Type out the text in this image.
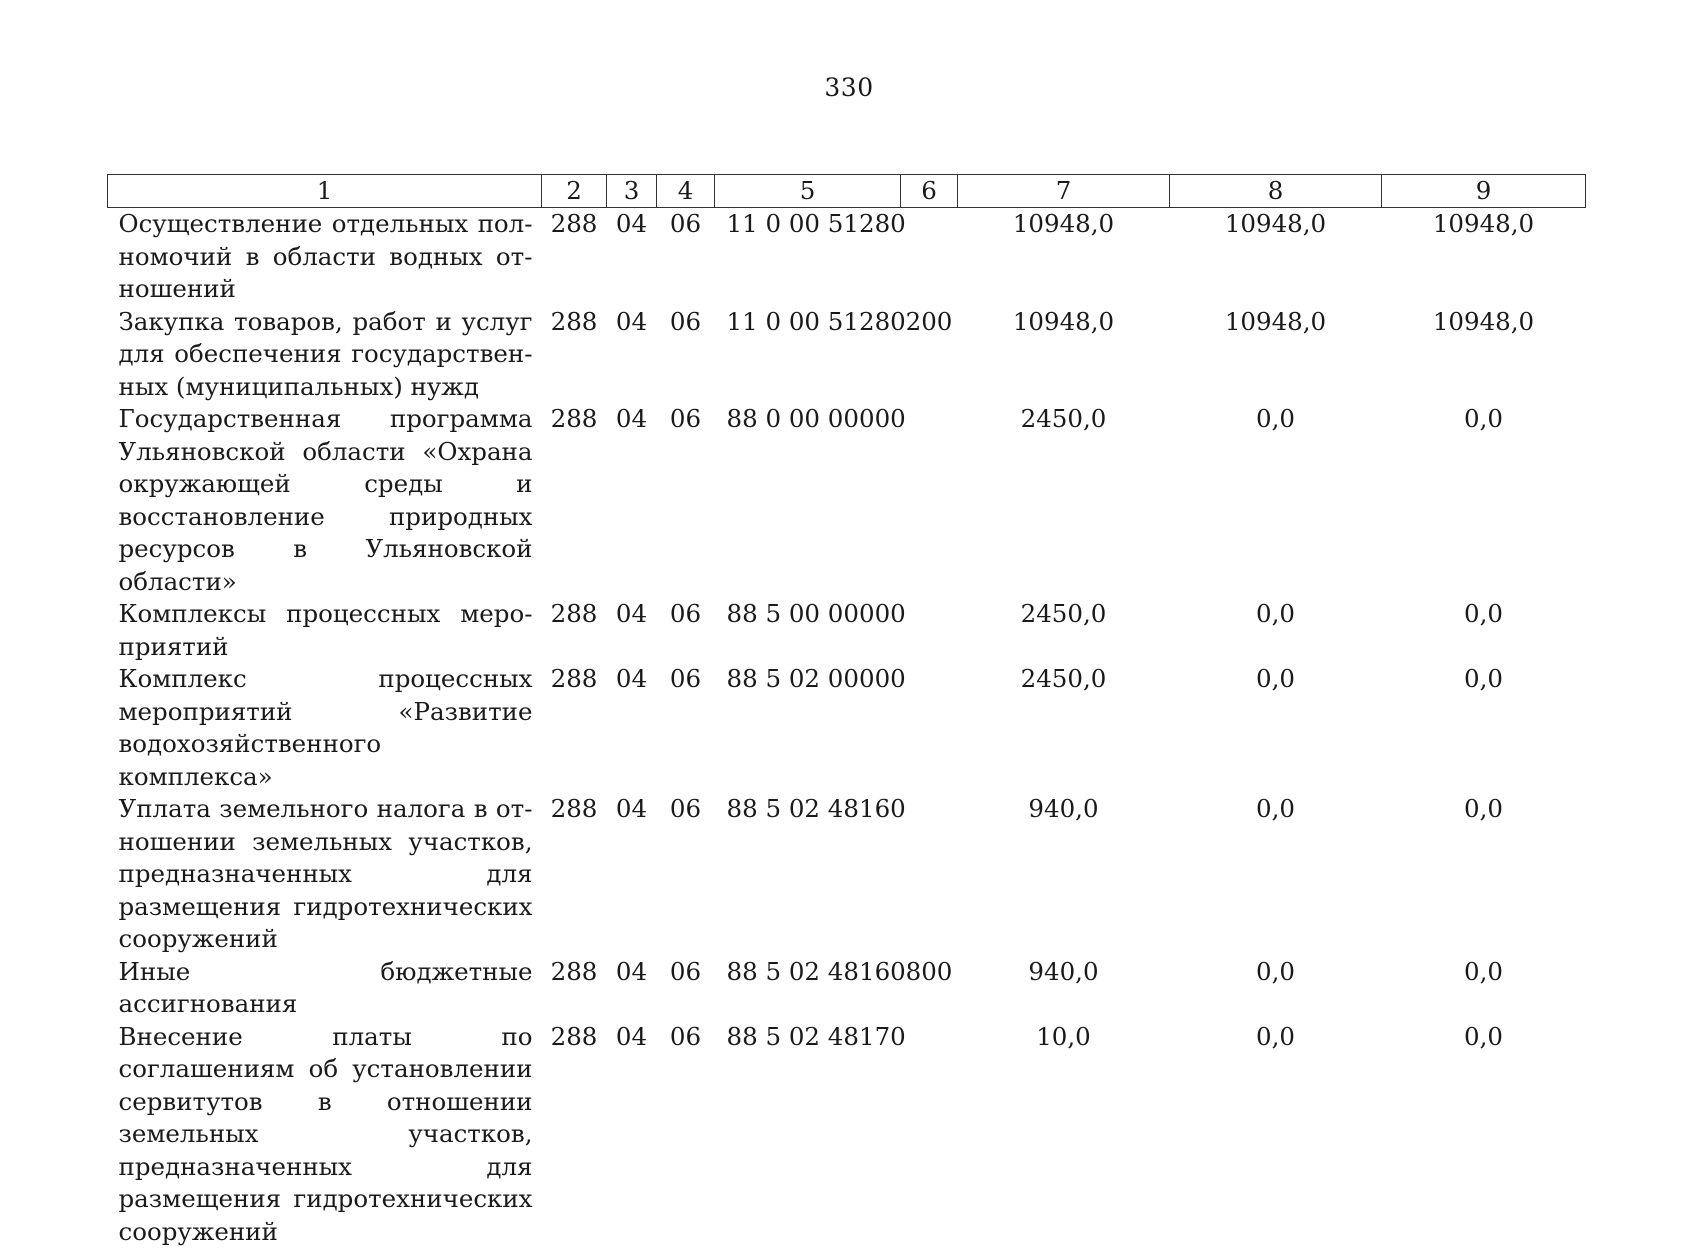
330
1	2	3	4	5	6	7	8	9
Осуществление отдельных полномочий в области водных отношений	288	04	06	11 0 00 51280		10948,0	10948,0	10948,0
Закупка товаров, работ и услуг для обеспечения государственных (муниципальных) нужд	288	04	06	11 0 00 51280	200	10948,0	10948,0	10948,0
Государственная программа Ульяновской области «Охрана окружающей среды и восстановление природных ресурсов в Ульяновской области»	288	04	06	88 0 00 00000		2450,0	0,0	0,0
Комплексы процессных мероприятий	288	04	06	88 5 00 00000		2450,0	0,0	0,0
Комплекс процессных мероприятий «Развитие водохозяйственного комплекса»	288	04	06	88 5 02 00000		2450,0	0,0	0,0
Уплата земельного налога в отношении земельных участков, предназначенных для размещения гидротехнических сооружений	288	04	06	88 5 02 48160		940,0	0,0	0,0
Иные бюджетные ассигнования	288	04	06	88 5 02 48160	800	940,0	0,0	0,0
Внесение платы по соглашениям об установлении сервитутов в отношении земельных участков, предназначенных для размещения гидротехнических сооружений	288	04	06	88 5 02 48170		10,0	0,0	0,0
